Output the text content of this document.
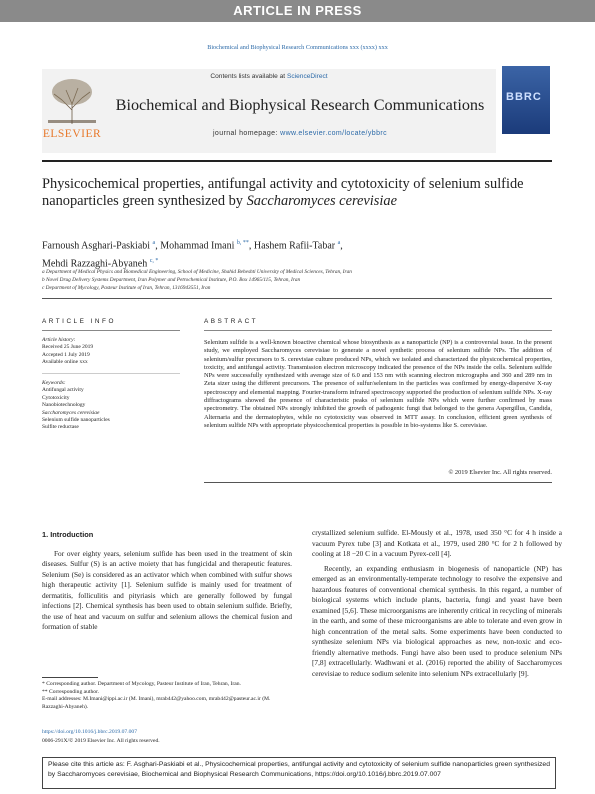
ARTICLE IN PRESS
Biochemical and Biophysical Research Communications xxx (xxxx) xxx
Contents lists available at ScienceDirect
ELSEVIER
Biochemical and Biophysical Research Communications
journal homepage: www.elsevier.com/locate/ybbrc
BBRC
Physicochemical properties, antifungal activity and cytotoxicity of selenium sulfide nanoparticles green synthesized by Saccharomyces cerevisiae
Farnoush Asghari-Paskiabi $^a$, Mohammad Imani $^{b, **}$, Hashem Rafii-Tabar $^a$,
Mehdi Razzaghi-Abyaneh $^{c, *}$
a Department of Medical Physics and Biomedical Engineering, School of Medicine, Shahid Beheshti University of Medical Sciences, Tehran, Iran
b Novel Drug Delivery Systems Department, Iran Polymer and Petrochemical Institute, P.O. Box 14965/115, Tehran, Iran
c Department of Mycology, Pasteur Institute of Iran, Tehran, 1316943551, Iran
ARTICLE INFO	ABSTRACT
Article history:
Received 25 June 2019
Accepted 1 July 2019
Available online xxx
Keywords:
Antifungal activity
Cytotoxicity
Nanobiotechnology
Saccharomyces cerevisiae
Selenium sulfide nanoparticles
Sulfite reductase
Selenium sulfide is a well-known bioactive chemical whose biosynthesis as a nanoparticle (NP) is a controversial issue. In the present study, we employed Saccharomyces cerevisiae to generate a novel synthetic process of selenium sulfide NPs. The addition of selenium/sulfur precursors to S. cerevisiae culture produced NPs, which we isolated and characterized the physicochemical properties, toxicity, and antifungal activity. Transmission electron microscopy indicated the presence of the NPs inside the cells. Selenium sulfide NPs were successfully synthesized with average size of 6.0 and 153 nm with scanning electron micrographs and 360 and 289 nm in Zeta sizer using the different precursors. The presence of sulfur/selenium in the particles was confirmed by energy-dispersive X-ray spectroscopy and elemental mapping. Fourier-transform infrared spectroscopy supported the production of selenium sulfide NPs. X-ray diffractograms showed the presence of characteristic peaks of selenium sulfide NPs which were further confirmed by mass spectrometry. The obtained NPs strongly inhibited the growth of pathogenic fungi that belonged to the genera Aspergillus, Candida, Alternaria and the dermatophytes, while no cytotoxicity was observed in MTT assay. In conclusion, efficient green synthesis of selenium sulfide NPs with appropriate physicochemical properties is possible in bio-systems like S. cerevisiae.
© 2019 Elsevier Inc. All rights reserved.
1. Introduction

For over eighty years, selenium sulfide has been used in the treatment of skin diseases. Sulfur (S) is an active moiety that has fungicidal and therapeutic features. Selenium (Se) is considered as an activator which when combined with sulfur shows high therapeutic activity [1]. Selenium sulfide is mainly used for treatment of dermatitis, folliculitis and pityriasis which are generally followed by fungal infections [2]. Chemical synthesis has been used to obtain selenium sulfide. Briefly, the use of heat and vacuum on sulfur and selenium allows the chemical fusion and formation of stable

crystallized selenium sulfide. El-Mously et al., 1978, used 350 °C for 4 h inside a vacuum Pyrex tube [3] and Kotkata et al., 1979, used 280 °C for 2 h followed by cooling at 18 −20 C in a vacuum Pyrex-cell [4].

Recently, an expanding enthusiasm in biogenesis of nanoparticle (NP) has emerged as an environmentally-temperate technology to resolve the expensive and hazardous features of conventional chemical synthesis. In this regard, a number of biological systems which include plants, bacteria, fungi and yeast have been examined [5,6]. These microorganisms are inherently critical in recycling of minerals in the earth, and some of these microorganisms are able to tolerate and even grow in high concentration of the metal salts. Some experiments have been conducted to synthesize selenium NPs via biological approaches as new, non-toxic and eco-friendly alternative methods. Fungi have also been used to produce selenium NPs [7,8] extracellularly. Wadhwani et al. (2016) reported the ability of Saccharomyces cerevisiae to reduce sodium selenite into selenium NPs extracellularly [9].

* Corresponding author. Department of Mycology, Pasteur Institute of Iran, Tehran, Iran.
** Corresponding author.
E-mail addresses: M.Imani@ippi.ac.ir (M. Imani), mrab442@yahoo.com, mrab442@pasteur.ac.ir (M. Razzaghi-Abyaneh).
https://doi.org/10.1016/j.bbrc.2019.07.007
0006-291X/© 2019 Elsevier Inc. All rights reserved.
Please cite this article as: F. Asghari-Paskiabi et al., Physicochemical properties, antifungal activity and cytotoxicity of selenium sulfide nanoparticles green synthesized by Saccharomyces cerevisiae, Biochemical and Biophysical Research Communications, https://doi.org/10.1016/j.bbrc.2019.07.007
